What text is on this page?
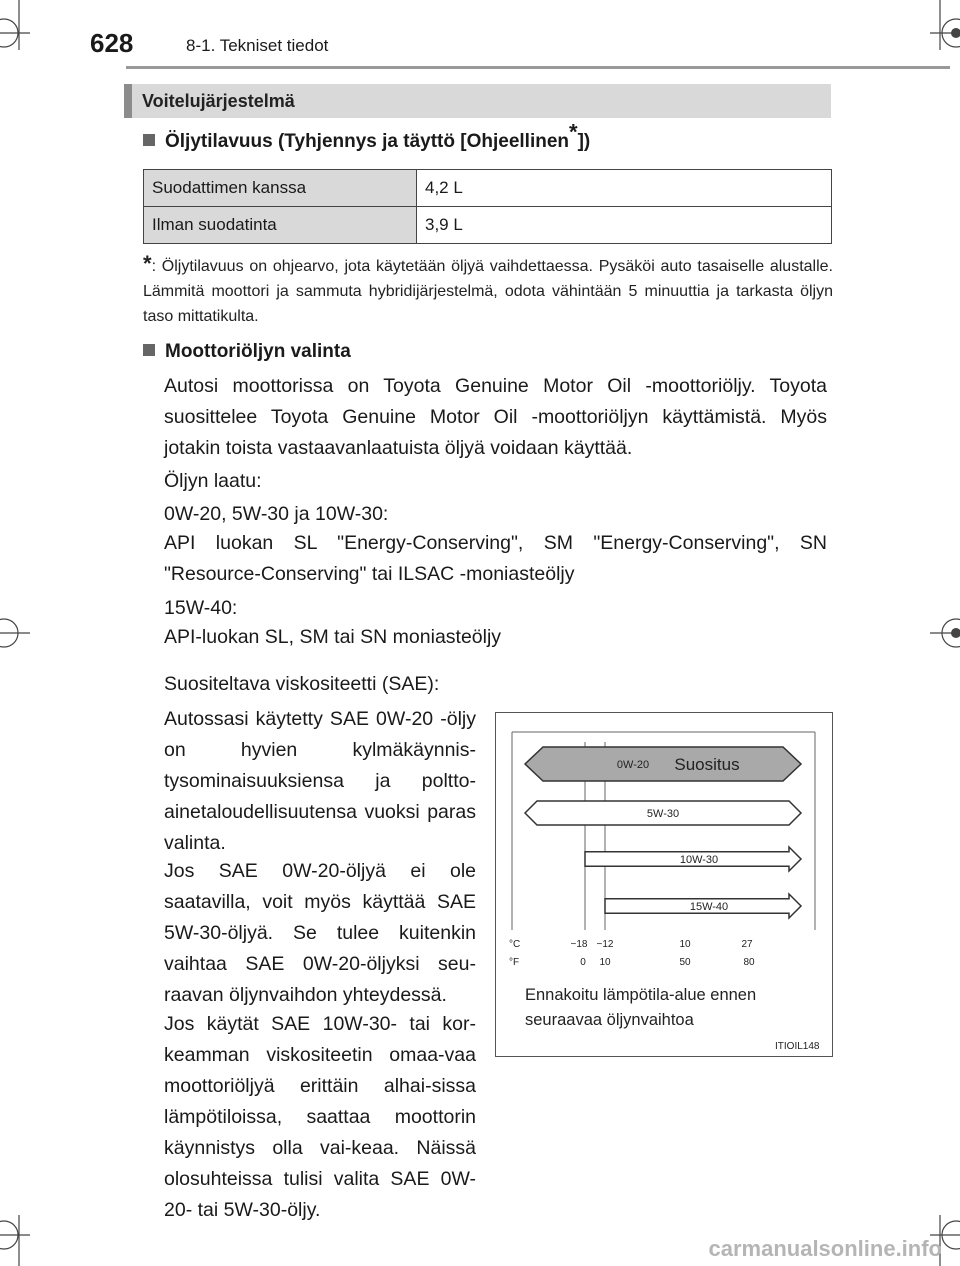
628	8-1. Tekniset tiedot
Voitelujärjestelmä
Öljytilavuus (Tyhjennys ja täyttö [Ohjeellinen*])
Suodattimen kanssa	4,2 L
Ilman suodatinta	3,9 L
*: Öljytilavuus on ohjearvo, jota käytetään öljyä vaihdettaessa. Pysäköi auto tasaiselle alustalle. Lämmitä moottori ja sammuta hybridijärjestelmä, odota vähintään 5 minuuttia ja tarkasta öljyn taso mittatikulta.
Moottoriöljyn valinta
Autosi moottorissa on Toyota Genuine Motor Oil -moottoriöljy. Toyota suosittelee Toyota Genuine Motor Oil -moottoriöljyn käyttämistä. Myös jotakin toista vastaavanlaatuista öljyä voidaan käyttää.
Öljyn laatu:
0W-20, 5W-30 ja 10W-30:
API luokan SL "Energy-Conserving", SM "Energy-Conserving", SN "Resource-Conserving" tai ILSAC -moniasteöljy
15W-40:
API-luokan SL, SM tai SN moniasteöljy
Suositeltava viskositeetti (SAE):
Autossasi käytetty SAE 0W-20 -öljy on hyvien kylmäkäynnis-tysominaisuuksiensa ja poltto-ainetaloudellisuutensa vuoksi paras valinta.
Jos SAE 0W-20-öljyä ei ole saatavilla, voit myös käyttää SAE 5W-30-öljyä. Se tulee kuitenkin vaihtaa SAE 0W-20-öljyksi seu-raavan öljynvaihdon yhteydessä.
Jos käytät SAE 10W-30- tai kor-keamman viskositeetin omaa-vaa moottoriöljyä erittäin alhai-sissa lämpötiloissa, saattaa moottorin käynnistys olla vai-keaa. Näissä olosuhteissa tulisi valita SAE 0W-20- tai 5W-30-öljy.
0W-20 Suositus
5W-30
10W-30
15W-40
°C
°F
−18 −12	10	27
0 10	50	80
Ennakoitu lämpötila-alue ennen seuraavaa öljynvaihtoa
ITIOIL148
carmanualsonline.info
